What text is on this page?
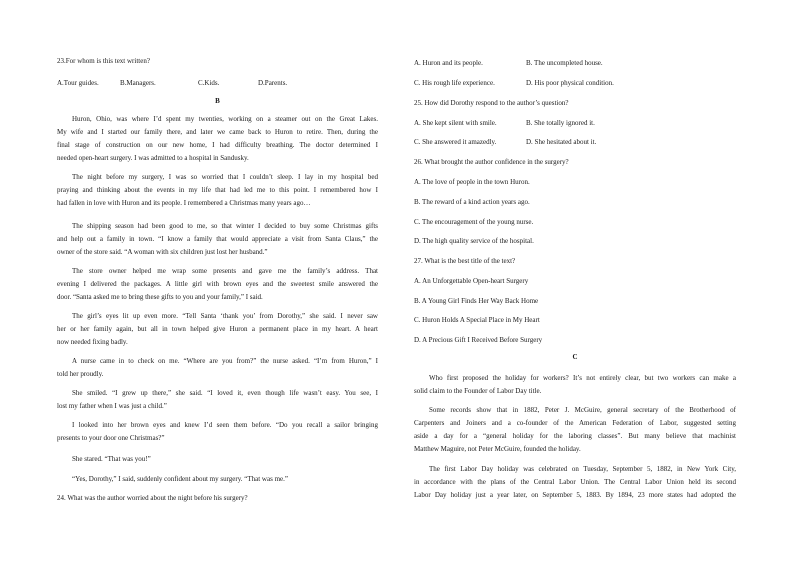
23.For whom is this text written?
A.Tour guides.	B.Managers.	C.Kids.	D.Parents.
B
Huron, Ohio, was where I’d spent my twenties, working on a steamer out on the Great Lakes.
My wife and I started our family there, and later we came back to Huron to retire. Then, during the
final stage of construction on our new home, I had difficulty breathing. The doctor determined I
needed open-heart surgery. I was admitted to a hospital in Sandusky.
The night before my surgery, I was so worried that I couldn’t sleep. I lay in my hospital bed
praying and thinking about the events in my life that had led me to this point. I remembered how I
had fallen in love with Huron and its people. I remembered a Christmas many years ago…
The shipping season had been good to me, so that winter I decided to buy some Christmas gifts
and help out a family in town. “I know a family that would appreciate a visit from Santa Claus,” the
owner of the store said. “A woman with six children just lost her husband.”
The store owner helped me wrap some presents and gave me the family’s address. That
evening I delivered the packages. A little girl with brown eyes and the sweetest smile answered the
door. “Santa asked me to bring these gifts to you and your family,” I said.
The girl’s eyes lit up even more. “Tell Santa ‘thank you’ from Dorothy,” she said. I never saw
her or her family again, but all in town helped give Huron a permanent place in my heart. A heart
now needed fixing badly.
A nurse came in to check on me. “Where are you from?” the nurse asked. “I’m from Huron,” I
told her proudly.
She smiled. “I grew up there,” she said. “I loved it, even though life wasn’t easy. You see, I
lost my father when I was just a child.”
I looked into her brown eyes and knew I’d seen them before. “Do you recall a sailor bringing
presents to your door one Christmas?”
She stared. “That was you!”
“Yes, Dorothy,” I said, suddenly confident about my surgery. “That was me.”
24. What was the author worried about the night before his surgery?
A. Huron and its people.	B. The uncompleted house.
C. His rough life experience.	D. His poor physical condition.
25. How did Dorothy respond to the author’s question?
A. She kept silent with smile.	B. She totally ignored it.
C. She answered it amazedly.	D. She hesitated about it.
26. What brought the author confidence in the surgery?
A. The love of people in the town Huron.
B. The reward of a kind action years ago.
C. The encouragement of the young nurse.
D. The high quality service of the hospital.
27. What is the best title of the text?
A. An Unforgettable Open-heart Surgery
B. A Young Girl Finds Her Way Back Home
C. Huron Holds A Special Place in My Heart
D. A Precious Gift I Received Before Surgery
C
Who first proposed the holiday for workers? It’s not entirely clear, but two workers can make a
solid claim to the Founder of Labor Day title.
Some records show that in 1882, Peter J. McGuire, general secretary of the Brotherhood of
Carpenters and Joiners and a co-founder of the American Federation of Labor, suggested setting
aside a day for a “general holiday for the laboring classes”. But many believe that machinist
Matthew Maguire, not Peter McGuire, founded the holiday.
The first Labor Day holiday was celebrated on Tuesday, September 5, 1882, in New York City,
in accordance with the plans of the Central Labor Union. The Central Labor Union held its second
Labor Day holiday just a year later, on September 5, 1883. By 1894, 23 more states had adopted the
